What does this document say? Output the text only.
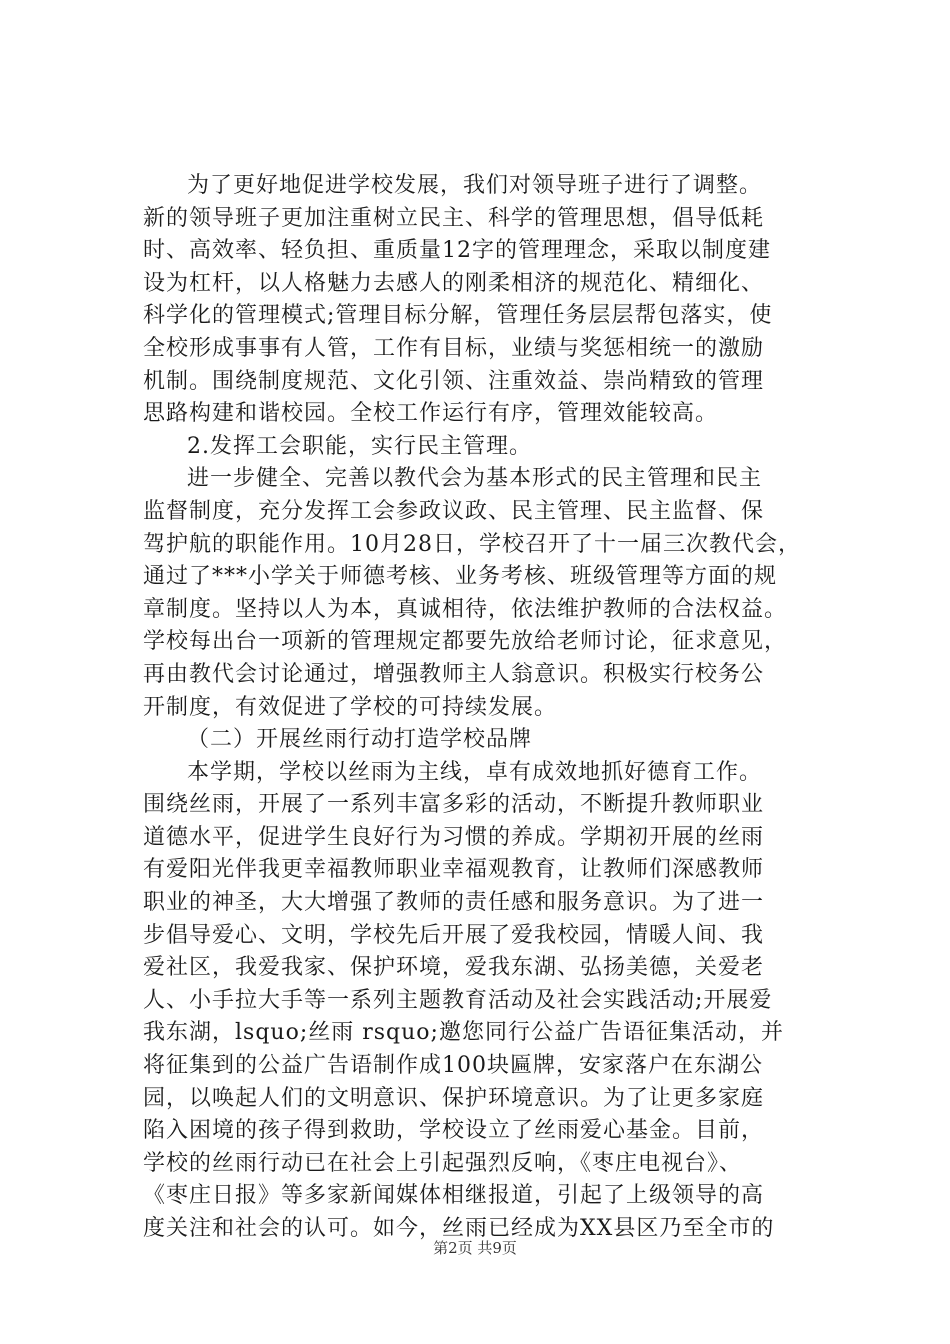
为了更好地促进学校发展，我们对领导班子进行了调整。
新的领导班子更加注重树立民主、科学的管理思想，倡导低耗
时、高效率、轻负担、重质量12字的管理理念，采取以制度建
设为杠杆，以人格魅力去感人的刚柔相济的规范化、精细化、
科学化的管理模式;管理目标分解，管理任务层层帮包落实，使
全校形成事事有人管，工作有目标，业绩与奖惩相统一的激励
机制。围绕制度规范、文化引领、注重效益、崇尚精致的管理
思路构建和谐校园。全校工作运行有序，管理效能较高。
2.发挥工会职能，实行民主管理。
进一步健全、完善以教代会为基本形式的民主管理和民主
监督制度，充分发挥工会参政议政、民主管理、民主监督、保
驾护航的职能作用。10月28日，学校召开了十一届三次教代会，
通过了***小学关于师德考核、业务考核、班级管理等方面的规
章制度。坚持以人为本，真诚相待，依法维护教师的合法权益。
学校每出台一项新的管理规定都要先放给老师讨论，征求意见，
再由教代会讨论通过，增强教师主人翁意识。积极实行校务公
开制度，有效促进了学校的可持续发展。
（二）开展丝雨行动打造学校品牌
本学期，学校以丝雨为主线，卓有成效地抓好德育工作。
围绕丝雨，开展了一系列丰富多彩的活动，不断提升教师职业
道德水平，促进学生良好行为习惯的养成。学期初开展的丝雨
有爱阳光伴我更幸福教师职业幸福观教育，让教师们深感教师
职业的神圣，大大增强了教师的责任感和服务意识。为了进一
步倡导爱心、文明，学校先后开展了爱我校园，情暖人间、我
爱社区，我爱我家、保护环境，爱我东湖、弘扬美德，关爱老
人、小手拉大手等一系列主题教育活动及社会实践活动;开展爱
我东湖，lsquo;丝雨 rsquo;邀您同行公益广告语征集活动，并
将征集到的公益广告语制作成100块匾牌，安家落户在东湖公
园，以唤起人们的文明意识、保护环境意识。为了让更多家庭
陷入困境的孩子得到救助，学校设立了丝雨爱心基金。目前，
学校的丝雨行动已在社会上引起强烈反响，《枣庄电视台》、
《枣庄日报》等多家新闻媒体相继报道，引起了上级领导的高
度关注和社会的认可。如今，丝雨已经成为XX县区乃至全市的
第2页 共9页
